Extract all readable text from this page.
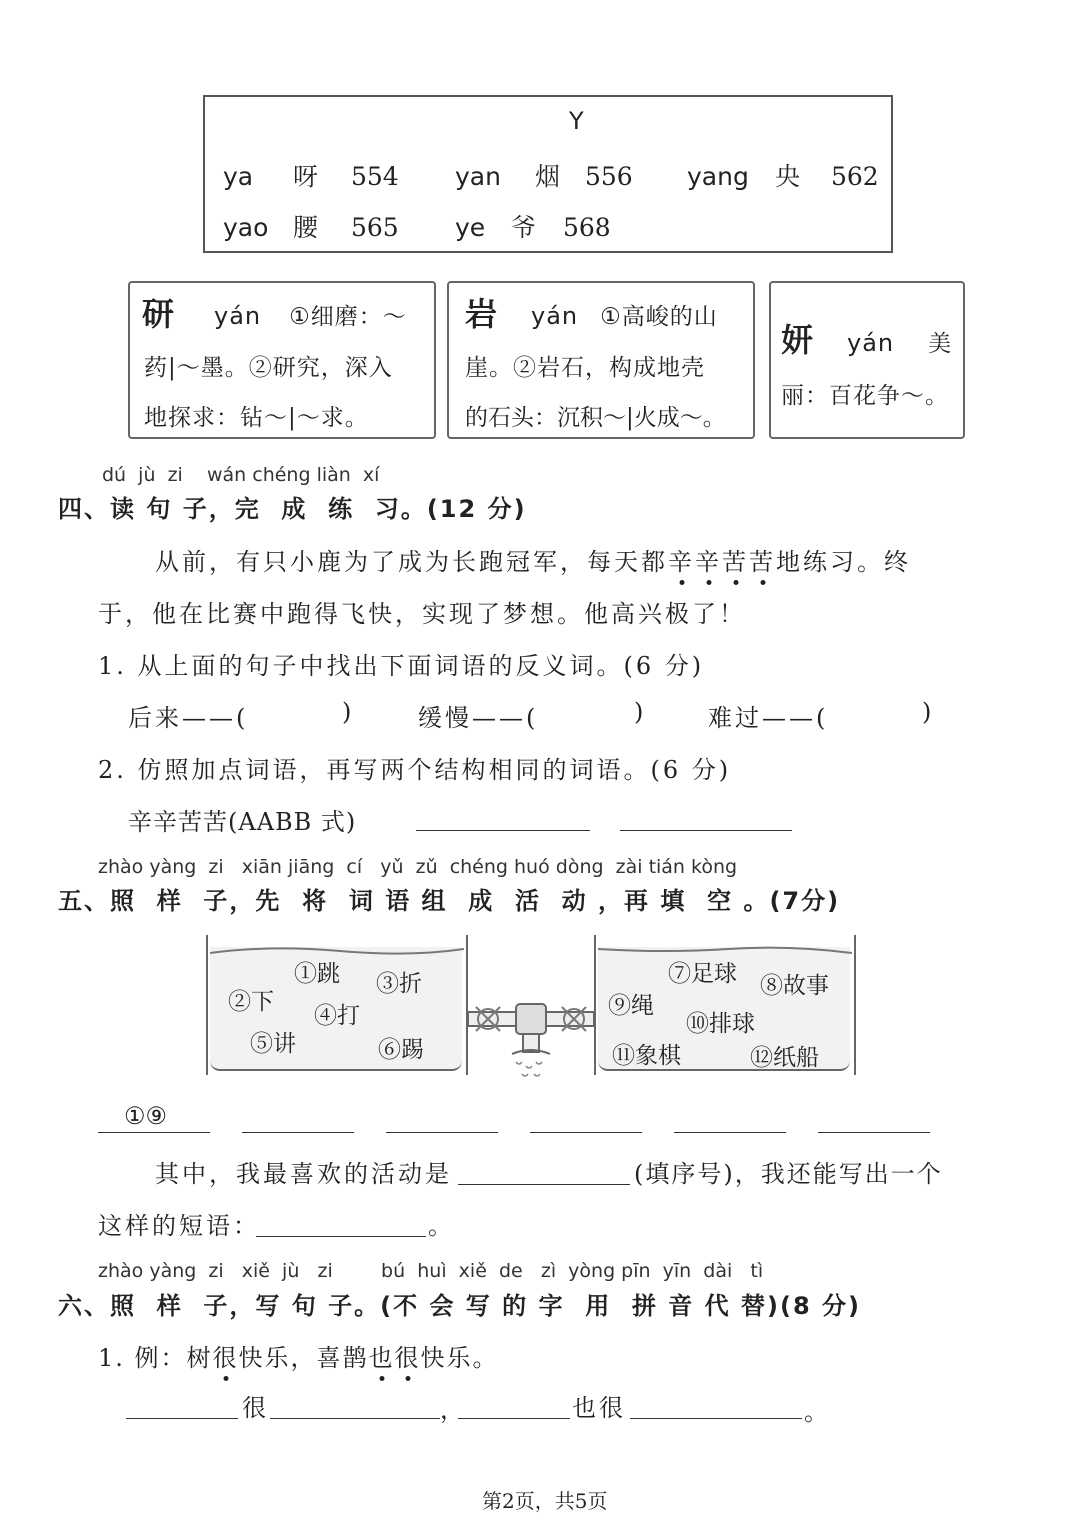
Y
ya 呀 554 yan 烟 556 yang 央 562
yao 腰 565 ye 爷 568
研 yán ①细磨：～
药|～墨。②研究，深入
地探求：钻～|～求。
岩 yán ①高峻的山
崖。②岩石，构成地壳
的石头：沉积～|火成～。
妍 yán 美
丽：百花争～。
dú  jù  zi    wán chéng liàn  xí
四、读 句 子，完  成  练  习。(12 分)
从前，有只小鹿为了成为长跑冠军，每天都辛辛苦苦地练习。终
于，他在比赛中跑得飞快，实现了梦想。他高兴极了！
1. 从上面的句子中找出下面词语的反义词。(6 分)
后来——(	)	缓慢——(	)	难过——(	)
2. 仿照加点词语，再写两个结构相同的词语。(6 分)
辛辛苦苦(AABB 式)
zhào yàng  zi   xiān jiāng  cí   yǔ  zǔ  chéng huó dòng  zài tián kòng
五、照  样  子，先  将  词 语 组  成  活  动 ，再 填  空 。(7分)
①跳 ③折
②下
④打
⑤讲	⑥踢
⑦足球 ⑧故事
⑨绳
⑩排球
⑪象棋	⑫纸船
①⑨
其中，我最喜欢的活动是	(填序号)，我还能写出一个
这样的短语：	。
zhào yàng  zi   xiě  jù   zi        bú  huì  xiě  de   zì  yòng pīn  yīn  dài   tì
六、照  样  子，写 句 子。(不 会 写 的 字  用  拼 音 代 替)(8 分)
1. 例：树很快乐，喜鹊也很快乐。
很	，	也很	。
第2页，共5页
